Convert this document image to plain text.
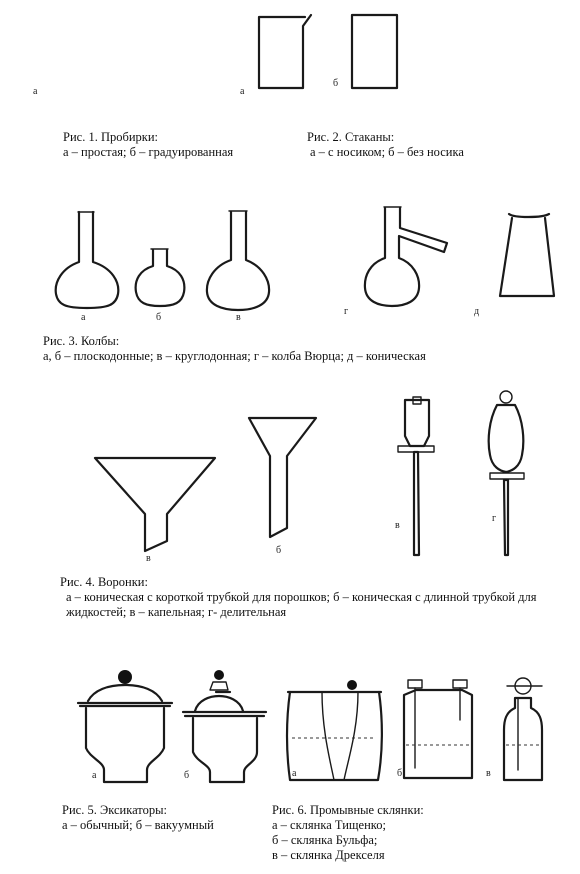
а	а
б
а	б	в
г	д
в
б
в
г
а	б	а	б	в
Рис. 1. Пробирки:
а – простая; б – градуированная
Рис. 2. Стаканы:
а – с носиком; б – без носика
Рис. 3. Колбы:
а, б – плоскодонные; в – круглодонная; г – колба Вюрца; д – коническая
Рис. 4. Воронки:
а – коническая с короткой трубкой для порошков; б – коническая с длинной трубкой для
жидкостей; в – капельная; г- делительная
Рис. 5. Эксикаторы:
а – обычный; б – вакуумный
Рис. 6. Промывные склянки:
а – склянка Тищенко;
б – склянка Бульфа;
в – склянка Дрекселя
